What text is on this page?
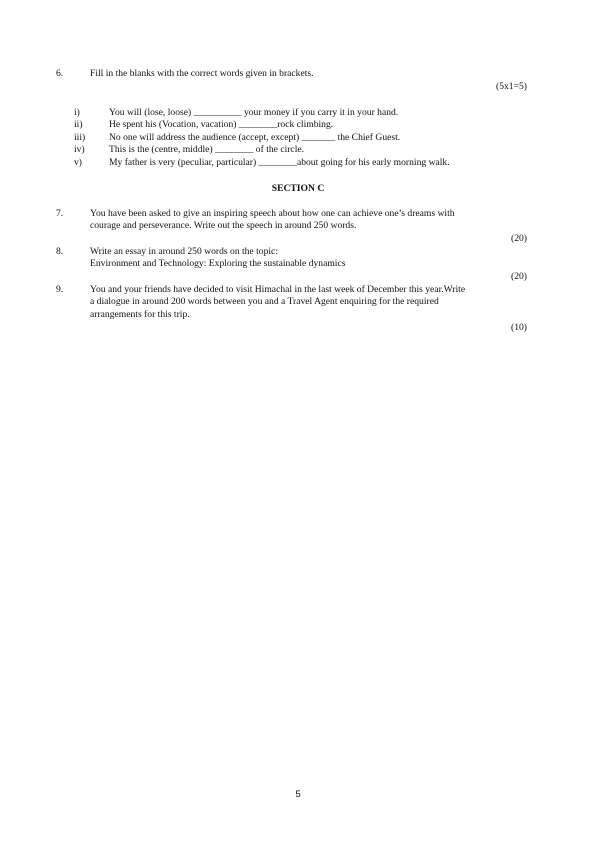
6.	Fill in the blanks with the correct words given in brackets.
(5x1=5)
i)	You will (lose, loose) __________ your money if you carry it in your hand.
ii)	He spent his (Vocation, vacation) ________rock climbing.
iii) No one will address the audience (accept, except) _______ the Chief Guest.
iv)	This is the (centre, middle) ________ of the circle.
v)	My father is very (peculiar, particular) ________about going for his early morning walk.
SECTION C
7.	You have been asked to give an inspiring speech about how one can achieve one’s dreams with
courage and perseverance. Write out the speech in around 250 words.
(20)
8.	Write an essay in around 250 words on the topic:
Environment and Technology: Exploring the sustainable dynamics
(20)
9.	You and your friends have decided to visit Himachal in the last week of December this year.Write
a dialogue in around 200 words between you and a Travel Agent enquiring for the required
arrangements for this trip.
(10)
5
